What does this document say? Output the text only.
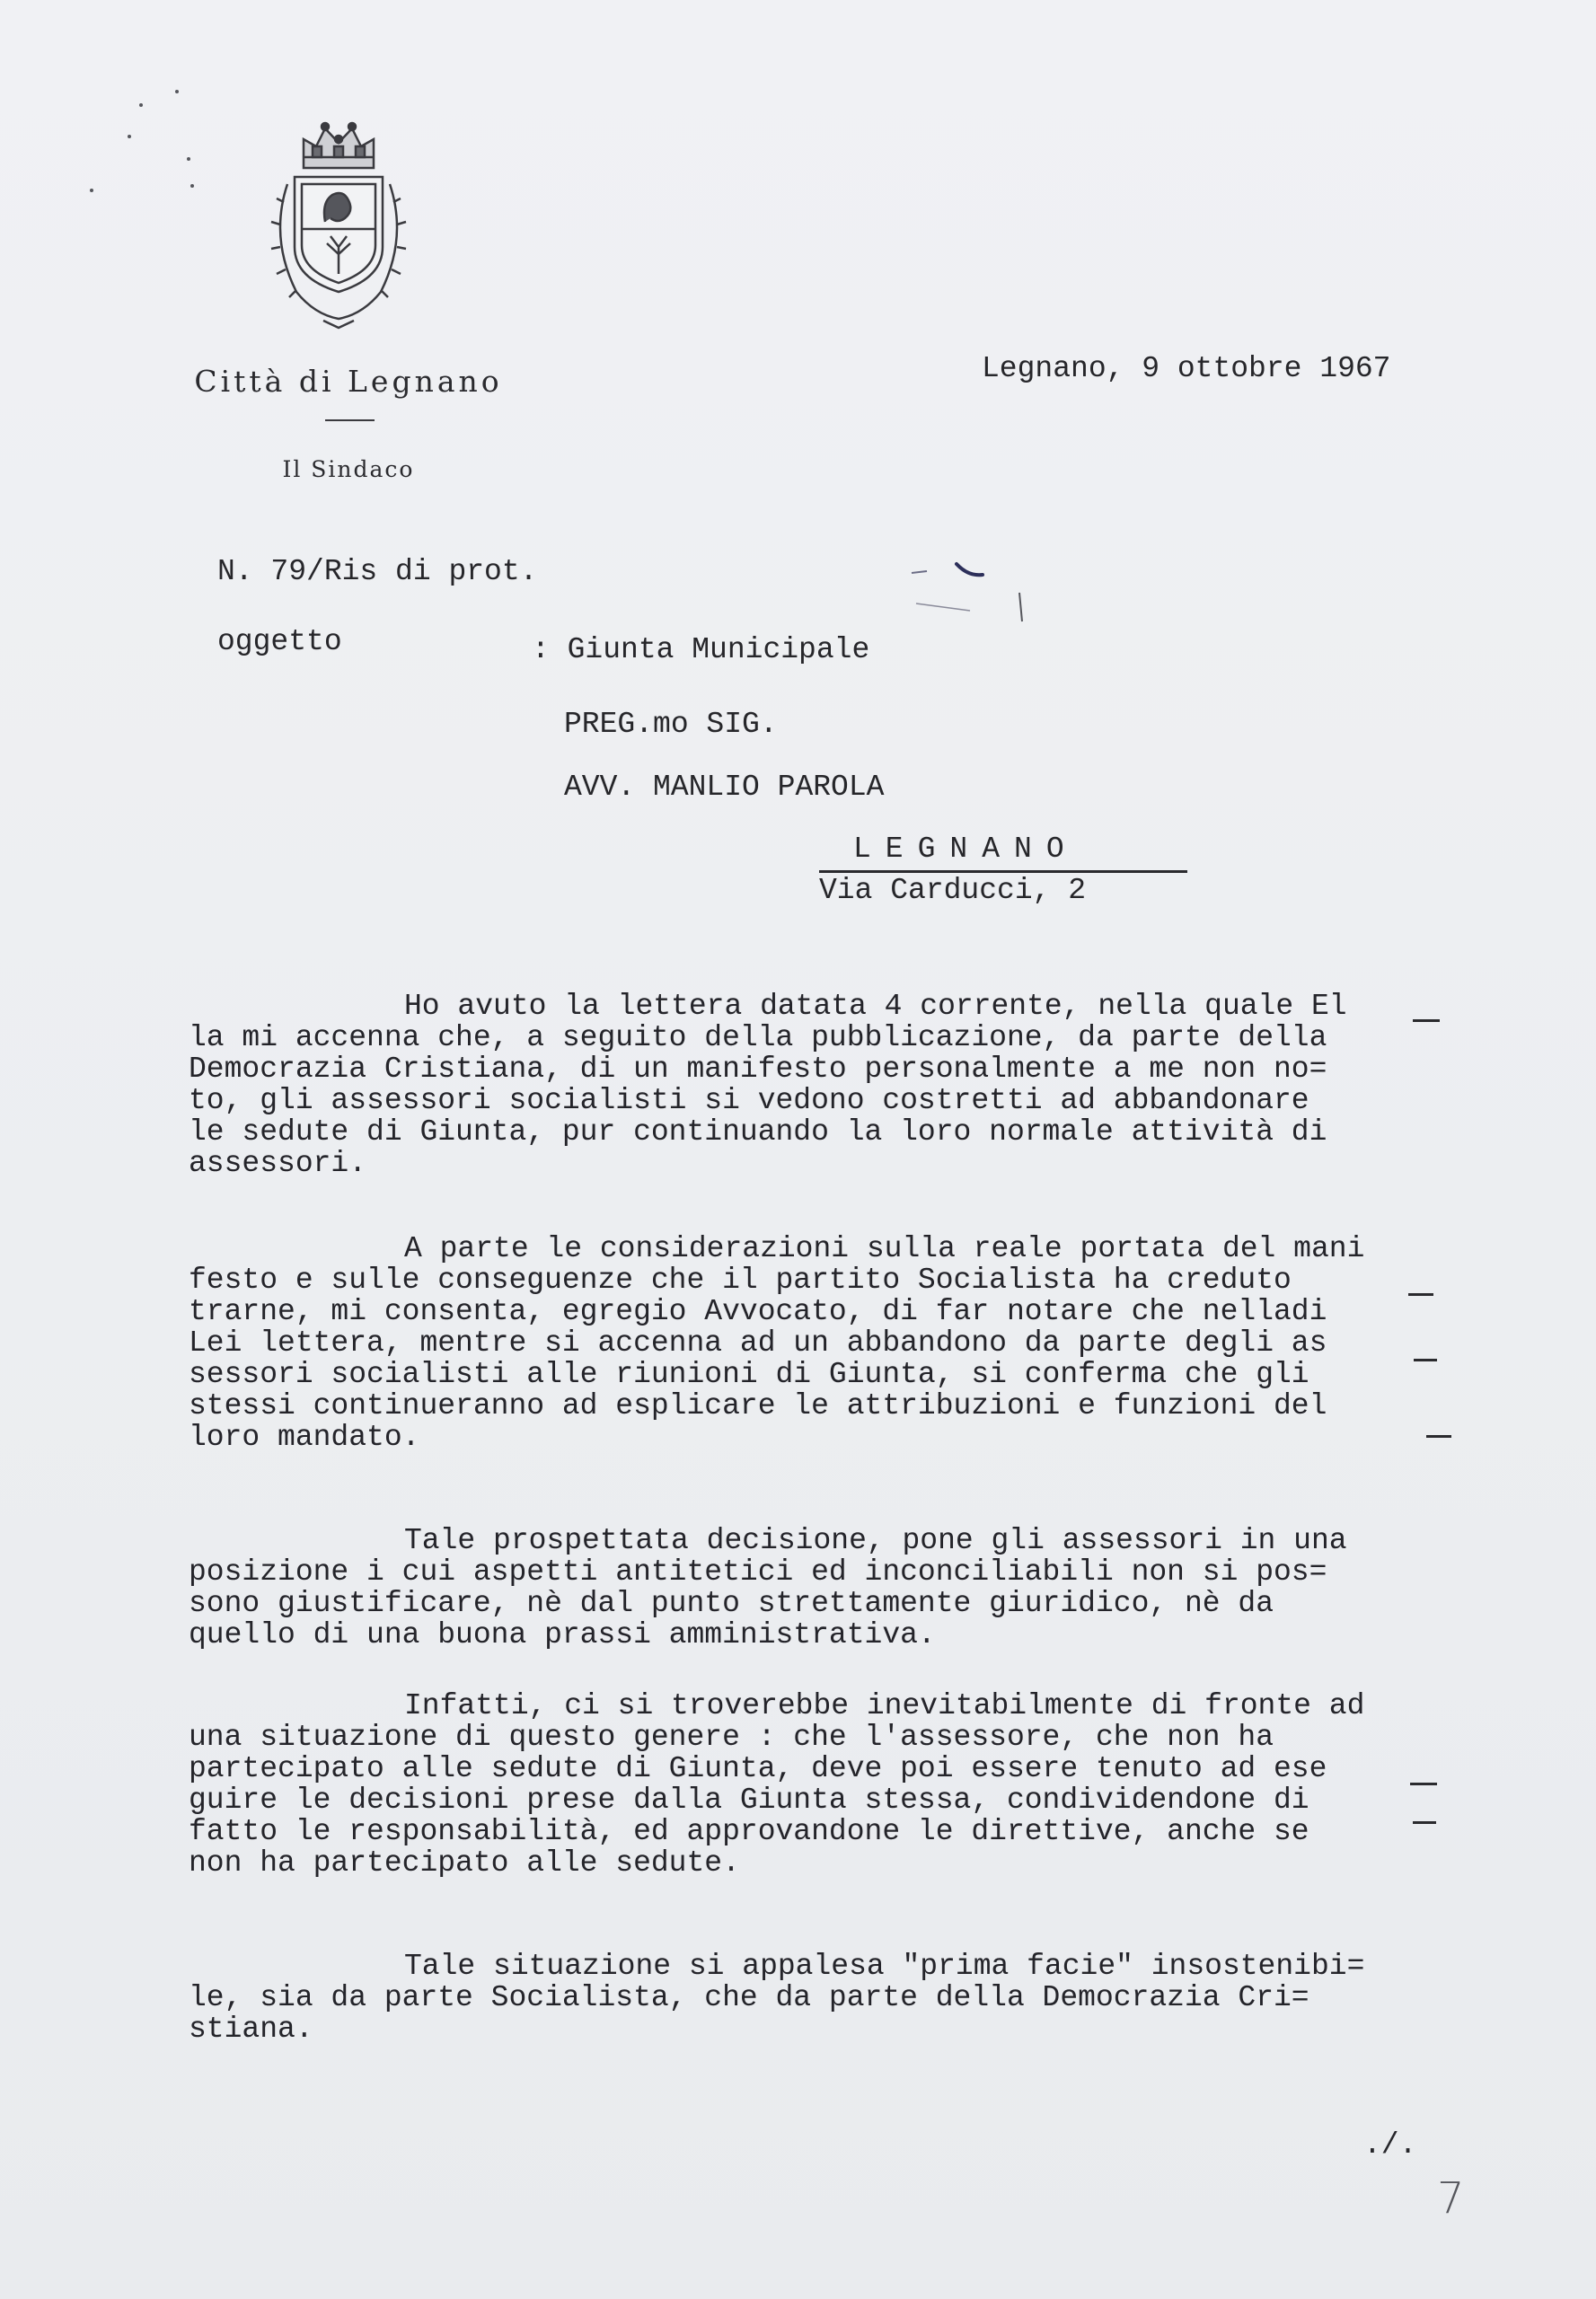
Città di Legnano
Il Sindaco
Legnano, 9 ottobre 1967
N. 79/Ris di prot.
oggetto	: Giunta Municipale
PREG.mo SIG.
AVV. MANLIO PAROLA
LEGNANO
Via Carducci, 2
Ho avuto la lettera datata 4 corrente, nella quale El
la mi accenna che, a seguito della pubblicazione, da parte della
Democrazia Cristiana, di un manifesto personalmente a me non no=
to, gli assessori socialisti si vedono costretti ad abbandonare
le sedute di Giunta, pur continuando la loro normale attività di
assessori.
A parte le considerazioni sulla reale portata del mani
festo e sulle conseguenze che il partito Socialista ha creduto
trarne, mi consenta, egregio Avvocato, di far notare che nelladi
Lei lettera, mentre si accenna ad un abbandono da parte degli as
sessori socialisti alle riunioni di Giunta, si conferma che gli
stessi continueranno ad esplicare le attribuzioni e funzioni del
loro mandato.
Tale prospettata decisione, pone gli assessori in una
posizione i cui aspetti antitetici ed inconciliabili non si pos=
sono giustificare, nè dal punto strettamente giuridico, nè da
quello di una buona prassi amministrativa.
Infatti, ci si troverebbe inevitabilmente di fronte ad
una situazione di questo genere : che l'assessore, che non ha
partecipato alle sedute di Giunta, deve poi essere tenuto ad ese
guire le decisioni prese dalla Giunta stessa, condividendone di
fatto le responsabilità, ed approvandone le direttive, anche se
non ha partecipato alle sedute.
Tale situazione si appalesa "prima facie" insostenibi=
le, sia da parte Socialista, che da parte della Democrazia Cri=
stiana.
./.
7
